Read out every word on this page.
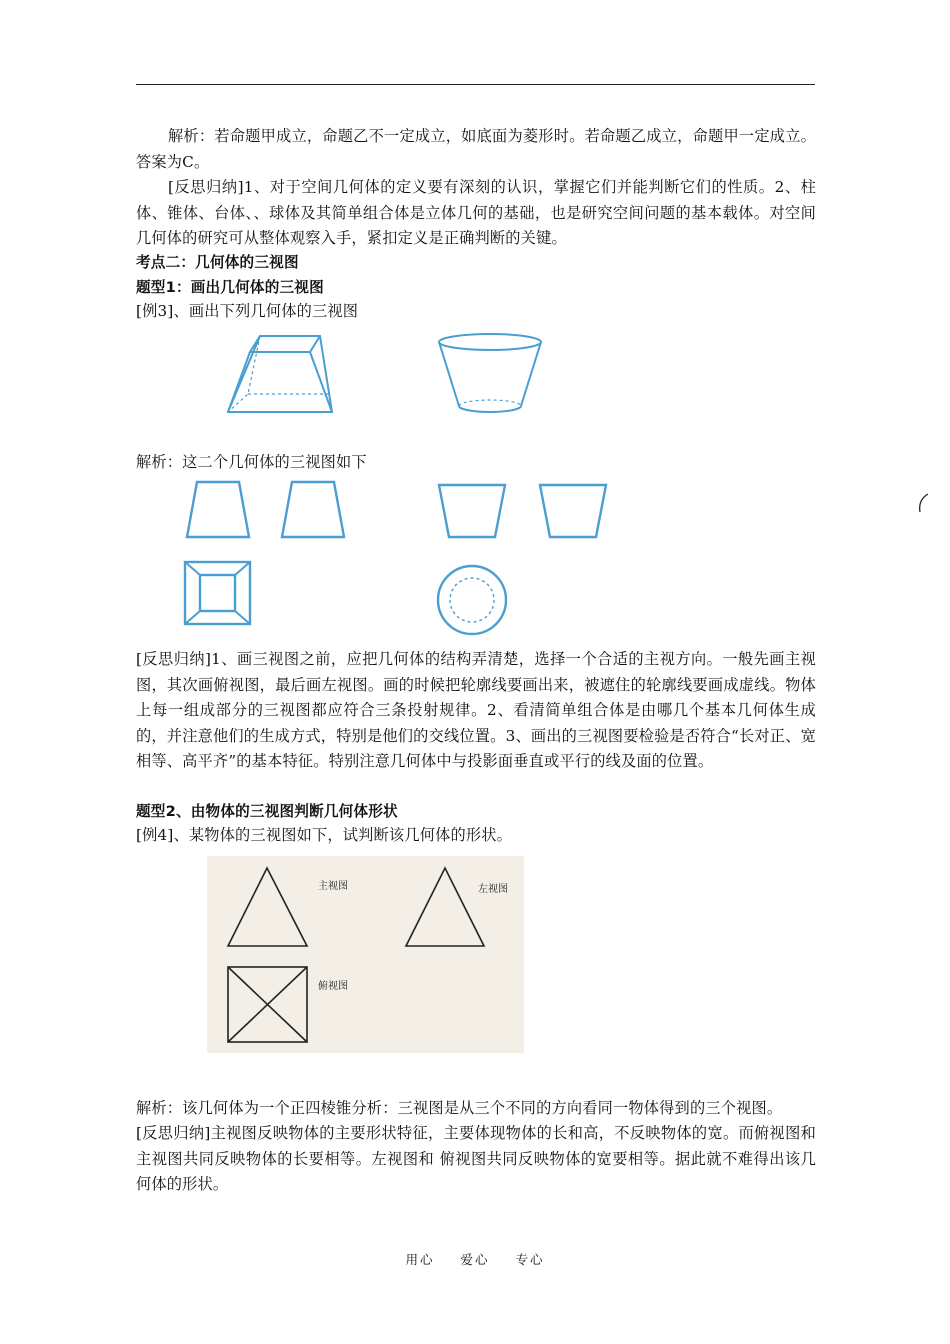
解析：若命题甲成立，命题乙不一定成立，如底面为菱形时。若命题乙成立，命题甲一定成立。答案为C。

[反思归纳]1、对于空间几何体的定义要有深刻的认识，掌握它们并能判断它们的性质。2、柱体、锥体、台体、、球体及其简单组合体是立体几何的基础，也是研究空间问题的基本载体。对空间几何体的研究可从整体观察入手，紧扣定义是正确判断的关键。

考点二：几何体的三视图

题型1：画出几何体的三视图

[例3]、画出下列几何体的三视图

解析：这二个几何体的三视图如下

[反思归纳]1、画三视图之前，应把几何体的结构弄清楚，选择一个合适的主视方向。一般先画主视图，其次画俯视图，最后画左视图。画的时候把轮廓线要画出来，被遮住的轮廓线要画成虚线。物体上每一组成部分的三视图都应符合三条投射规律。2、看清简单组合体是由哪几个基本几何体生成的，并注意他们的生成方式，特别是他们的交线位置。3、画出的三视图要检验是否符合“长对正、宽相等、高平齐”的基本特征。特别注意几何体中与投影面垂直或平行的线及面的位置。

题型2、由物体的三视图判断几何体形状

[例4]、某物体的三视图如下，试判断该几何体的形状。

主视图	左视图
俯视图

解析：该几何体为一个正四棱锥分析：三视图是从三个不同的方向看同一物体得到的三个视图。

[反思归纳]主视图反映物体的主要形状特征，主要体现物体的长和高，不反映物体的宽。而俯视图和主视图共同反映物体的长要相等。左视图和 俯视图共同反映物体的宽要相等。据此就不难得出该几何体的形状。

用心 爱心 专心
